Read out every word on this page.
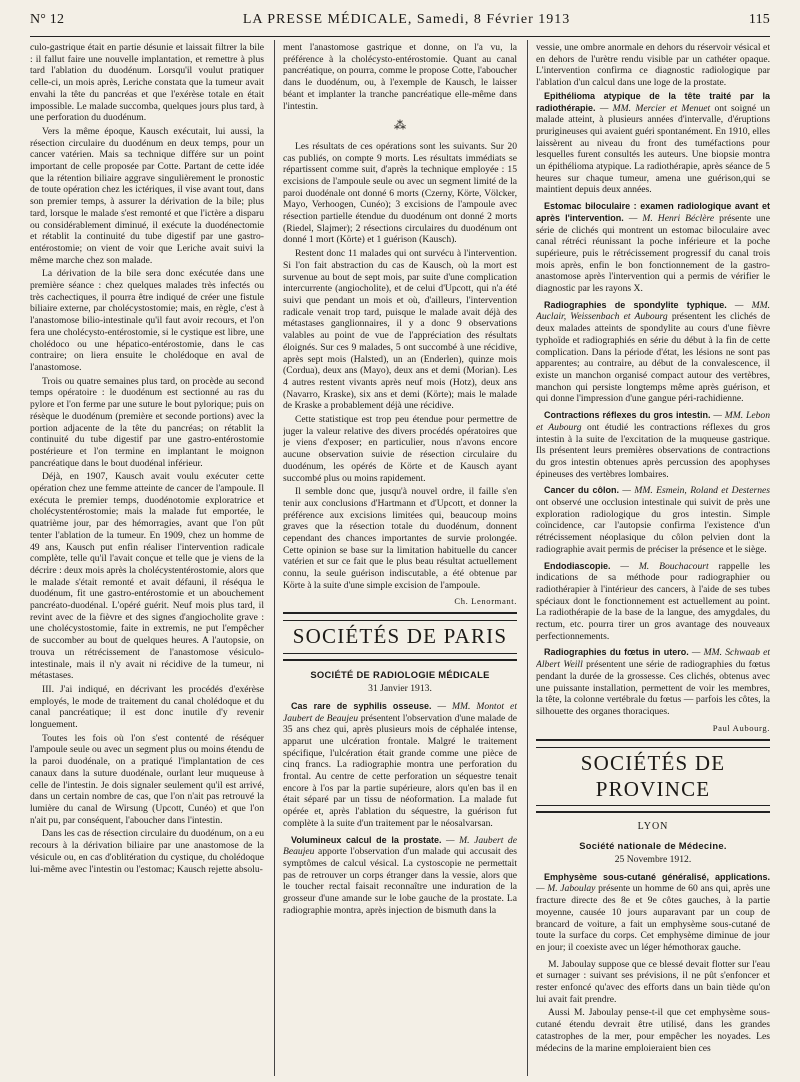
N° 12	LA PRESSE MÉDICALE, Samedi, 8 Février 1913	115

culo-gastrique était en partie désunie et laissait filtrer la bile : il fallut faire une nouvelle implantation, et remettre à plus tard l'ablation du duodénum. Lorsqu'il voulut pratiquer celle-ci, un mois après, Leriche constata que la tumeur avait envahi la tête du pancréas et que l'exérèse totale en était impossible. Le malade succomba, quelques jours plus tard, à une perforation du duodénum.

Vers la même époque, Kausch exécutait, lui aussi, la résection circulaire du duodénum en deux temps, pour un cancer vatérien. Mais sa technique différe sur un point important de celle proposée par Cotte. Partant de cette idée que la rétention biliaire aggrave singulièrement le pronostic de toute opération chez les ictériques, il vise avant tout, dans son premier temps, à assurer la dérivation de la bile; plus tard, lorsque le malade s'est remonté et que l'ictère a disparu ou considérablement diminué, il exécute la duodénectomie et rétablit la continuité du tube digestif par une gastro-entérostomie; on vient de voir que Leriche avait suivi la même marche chez son malade.

La dérivation de la bile sera donc exécutée dans une première séance : chez quelques malades très infectés ou très cachectiques, il pourra être indiqué de créer une fistule biliaire externe, par cholécystostomie; mais, en règle, c'est à l'anastomose bilio-intestinale qu'il faut avoir recours, et l'on fera une cholécysto-entérostomie, si le cystique est libre, une cholédoco ou une hépatico-entérostomie, dans le cas contraire; on liera ensuite le cholédoque en aval de l'anastomose.

Trois ou quatre semaines plus tard, on procède au second temps opératoire : le duodénum est sectionné au ras du pylore et l'on ferme par une suture le bout pylorique; puis on résèque le duodénum (première et seconde portions) avec la portion adjacente de la tête du pancréas; on rétablit la continuité du tube digestif par une gastro-entérostomie postérieure et l'on termine en implantant le moignon pancréatique dans le bout duodénal inférieur.

Déjà, en 1907, Kausch avait voulu exécuter cette opération chez une femme atteinte de cancer de l'ampoule. Il exécuta le premier temps, duodénotomie exploratrice et cholécystentérostomie; mais la malade fut emportée, le quatrième jour, par des hémorragies, avant que l'on pût tenter l'ablation de la tumeur. En 1909, chez un homme de 49 ans, Kausch put enfin réaliser l'intervention radicale complète, telle qu'il l'avait conçue et telle que je viens de la décrire : deux mois après la cholécystentérostomie, alors que le malade s'était remonté et avait défauni, il réséqua le duodénum, fit une gastro-entérostomie et un abouchement pancréato-duodénal. L'opéré guérit. Neuf mois plus tard, il revint avec de la fièvre et des signes d'angiocholite grave : une cholécystostomie, faite in extremis, ne put l'empêcher de succomber au bout de quelques heures. A l'autopsie, on trouva un rétrécissement de l'anastomose vésiculo-intestinale, mais il n'y avait ni récidive de la tumeur, ni métastases.

III. J'ai indiqué, en décrivant les procédés d'exérèse employés, le mode de traitement du canal cholédoque et du canal pancréatique; il est donc inutile d'y revenir longuement.

Toutes les fois où l'on s'est contenté de réséquer l'ampoule seule ou avec un segment plus ou moins étendu de la paroi duodénale, on a pratiqué l'implantation de ces canaux dans la suture duodénale, ourlant leur muqueuse à celle de l'intestin. Je dois signaler seulement qu'il est arrivé, dans un certain nombre de cas, que l'on n'ait pas retrouvé la lumière du canal de Wirsung (Upcott, Cunéo) et que l'on n'ait pu, par conséquent, l'aboucher dans l'intestin.

Dans les cas de résection circulaire du duodénum, on a eu recours à la dérivation biliaire par une anastomose de la vésicule ou, en cas d'oblitération du cystique, du cholédoque lui-même avec l'intestin ou l'estomac; Kausch rejette absolu-

ment l'anastomose gastrique et donne, on l'a vu, la préférence à la cholécysto-entérostomie. Quant au canal pancréatique, on pourra, comme le propose Cotte, l'aboucher dans le duodénum, ou, à l'exemple de Kausch, le laisser béant et implanter la tranche pancréatique elle-même dans l'intestin.

⁂

Les résultats de ces opérations sont les suivants. Sur 20 cas publiés, on compte 9 morts. Les résultats immédiats se répartissent comme suit, d'après la technique employée : 15 excisions de l'ampoule seule ou avec un segment limité de la paroi duodénale ont donné 6 morts (Czerny, Körte, Völcker, Mayo, Verhoogen, Cunéo); 3 excisions de l'ampoule avec résection partielle étendue du duodénum ont donné 2 morts (Riedel, Slajmer); 2 résections circulaires du duodénum ont donné 1 mort (Körte) et 1 guérison (Kausch).

Restent donc 11 malades qui ont survécu à l'intervention. Si l'on fait abstraction du cas de Kausch, où la mort est survenue au bout de sept mois, par suite d'une complication intercurrente (angiocholite), et de celui d'Upcott, qui n'a été suivi que pendant un mois et où, d'ailleurs, l'intervention radicale venait trop tard, puisque le malade avait déjà des métastases ganglionnaires, il y a donc 9 observations valables au point de vue de l'appréciation des résultats éloignés. Sur ces 9 malades, 5 ont succombé à une récidive, après sept mois (Halsted), un an (Enderlen), quinze mois (Cordua), deux ans (Mayo), deux ans et demi (Morian). Les 4 autres restent vivants après neuf mois (Hotz), deux ans (Navarro, Kraske), six ans et demi (Körte); mais le malade de Kraske a probablement déjà une récidive.

Cette statistique est trop peu étendue pour permettre de juger la valeur relative des divers procédés opératoires que je viens d'exposer; en particulier, nous n'avons encore aucune observation suivie de résection circulaire du duodénum, les opérés de Körte et de Kausch ayant succombé plus ou moins rapidement.

Il semble donc que, jusqu'à nouvel ordre, il faille s'en tenir aux conclusions d'Hartmann et d'Upcott, et donner la préférence aux excisions limitées qui, beaucoup moins graves que la résection totale du duodénum, donnent cependant des chances importantes de survie prolongée. Cette opinion se base sur la limitation habituelle du cancer vatérien et sur ce fait que le plus beau résultat actuellement connu, la seule guérison indiscutable, a été obtenue par Körte à la suite d'une simple excision de l'ampoule.

Ch. Lenormant.
SOCIÉTÉS DE PARIS
SOCIÉTÉ DE RADIOLOGIE MÉDICALE
31 Janvier 1913.

Cas rare de syphilis osseuse. — MM. Montot et Jaubert de Beaujeu présentent l'observation d'une malade de 35 ans chez qui, après plusieurs mois de céphalée intense, apparut une ulcération frontale. Malgré le traitement spécifique, l'ulcération était grande comme une pièce de cinq francs. La radiographie montra une perforation du frontal. Au centre de cette perforation un séquestre tenait encore à l'os par la partie supérieure, alors qu'en bas il en était séparé par un tissu de néoformation. La malade fut opérée et, après l'ablation du séquestre, la guérison fut complète à la suite d'un traitement par le néosalvarsan.

Volumineux calcul de la prostate. — M. Jaubert de Beaujeu apporte l'observation d'un malade qui accusait des symptômes de calcul vésical. La cystoscopie ne permettait pas de retrouver un corps étranger dans la vessie, alors que le toucher rectal faisait reconnaître une induration de la grosseur d'une amande sur le lobe gauche de la prostate. La radiographie montra, après injection de bismuth dans la

vessie, une ombre anormale en dehors du réservoir vésical et en dehors de l'urètre rendu visible par un cathéter opaque. L'intervention confirma ce diagnostic radiologique par l'ablation d'un calcul dans une loge de la prostate.

Epithélioma atypique de la tête traité par la radiothérapie. — MM. Mercier et Menuet ont soigné un malade atteint, à plusieurs années d'intervalle, d'éruptions prurigineuses qui avaient guéri spontanément. En 1910, elles laissèrent au niveau du front des tuméfactions pour lesquelles furent consultés les auteurs. Une biopsie montra un épithélioma atypique. La radiothérapie, après séance de 5 heures sur chaque tumeur, amena une guérison,qui se maintient depuis deux années.

Estomac biloculaire : examen radiologique avant et après l'intervention. — M. Henri Béclère présente une série de clichés qui montrent un estomac biloculaire avec canal rétréci réunissant la poche inférieure et la poche supérieure, puis le rétrécissement progressif du canal trois mois après, enfin le bon fonctionnement de la gastro-anastomose après l'intervention qui a permis de vérifier le diagnostic par les rayons X.

Radiographies de spondylite typhique. — MM. Auclair, Weissenbach et Aubourg présentent les clichés de deux malades atteints de spondylite au cours d'une fièvre typhoïde et radiographiés en série du début à la fin de cette complication. Dans la période d'état, les lésions ne sont pas apparentes; au contraire, au début de la convalescence, il existe un manchon organisé compact autour des vertèbres, manchon qui persiste longtemps même après guérison, et qui donne l'impression d'une gangue péri-rachidienne.

Contractions réflexes du gros intestin. — MM. Lebon et Aubourg ont étudié les contractions réflexes du gros intestin à la suite de l'excitation de la muqueuse gastrique. Ils présentent leurs premières observations de contractions du gros intestin obtenues après percussion des apophyses épineuses des vertèbres lombaires.

Cancer du côlon. — MM. Esmein, Roland et Desternes ont observé une occlusion intestinale qui suivit de près une exploration radiologique du gros intestin. Simple coïncidence, car l'autopsie confirma l'existence d'un rétrécissement néoplasique du côlon pelvien dont la radiographie avait permis de préciser la présence et le siège.

Endodiascopie. — M. Bouchacourt rappelle les indications de sa méthode pour radiographier ou radiothérapier à l'intérieur des cancers, à l'aide de ses tubes spéciaux dont le fonctionnement est actuellement au point. La radiothérapie de la base de la langue, des amygdales, du rectum, etc. pourra tirer un gros avantage des nouveaux perfectionnements.

Radiographies du fœtus in utero. — MM. Schwaab et Albert Weill présentent une série de radiographies du fœtus pendant la durée de la grossesse. Ces clichés, obtenus avec une puissante installation, permettent de voir les membres, la tête, la colonne vertébrale du fœtus — parfois les côtes, la silhouette des organes thoraciques.

Paul Aubourg.
SOCIÉTÉS DE PROVINCE
LYON
Société nationale de Médecine.
25 Novembre 1912.

Emphysème sous-cutané généralisé, applications. — M. Jaboulay présente un homme de 60 ans qui, après une fracture directe des 8e et 9e côtes gauches, à la partie moyenne, causée 10 jours auparavant par un coup de brancard de voiture, a fait un emphysème sous-cutané de toute la surface du corps. Cet emphysème diminue de jour en jour; il coexiste avec un léger hémothorax gauche.

M. Jaboulay suppose que ce blessé devait flotter sur l'eau et surnager : suivant ses prévisions, il ne pût s'enfoncer et rester enfoncé qu'avec des efforts dans un bain tiède qu'on lui avait fait prendre.

Aussi M. Jaboulay pense-t-il que cet emphysème sous-cutané étendu devrait être utilisé, dans les grandes catastrophes de la mer, pour empêcher les noyades. Les médecins de la marine emploieraient bien ces
